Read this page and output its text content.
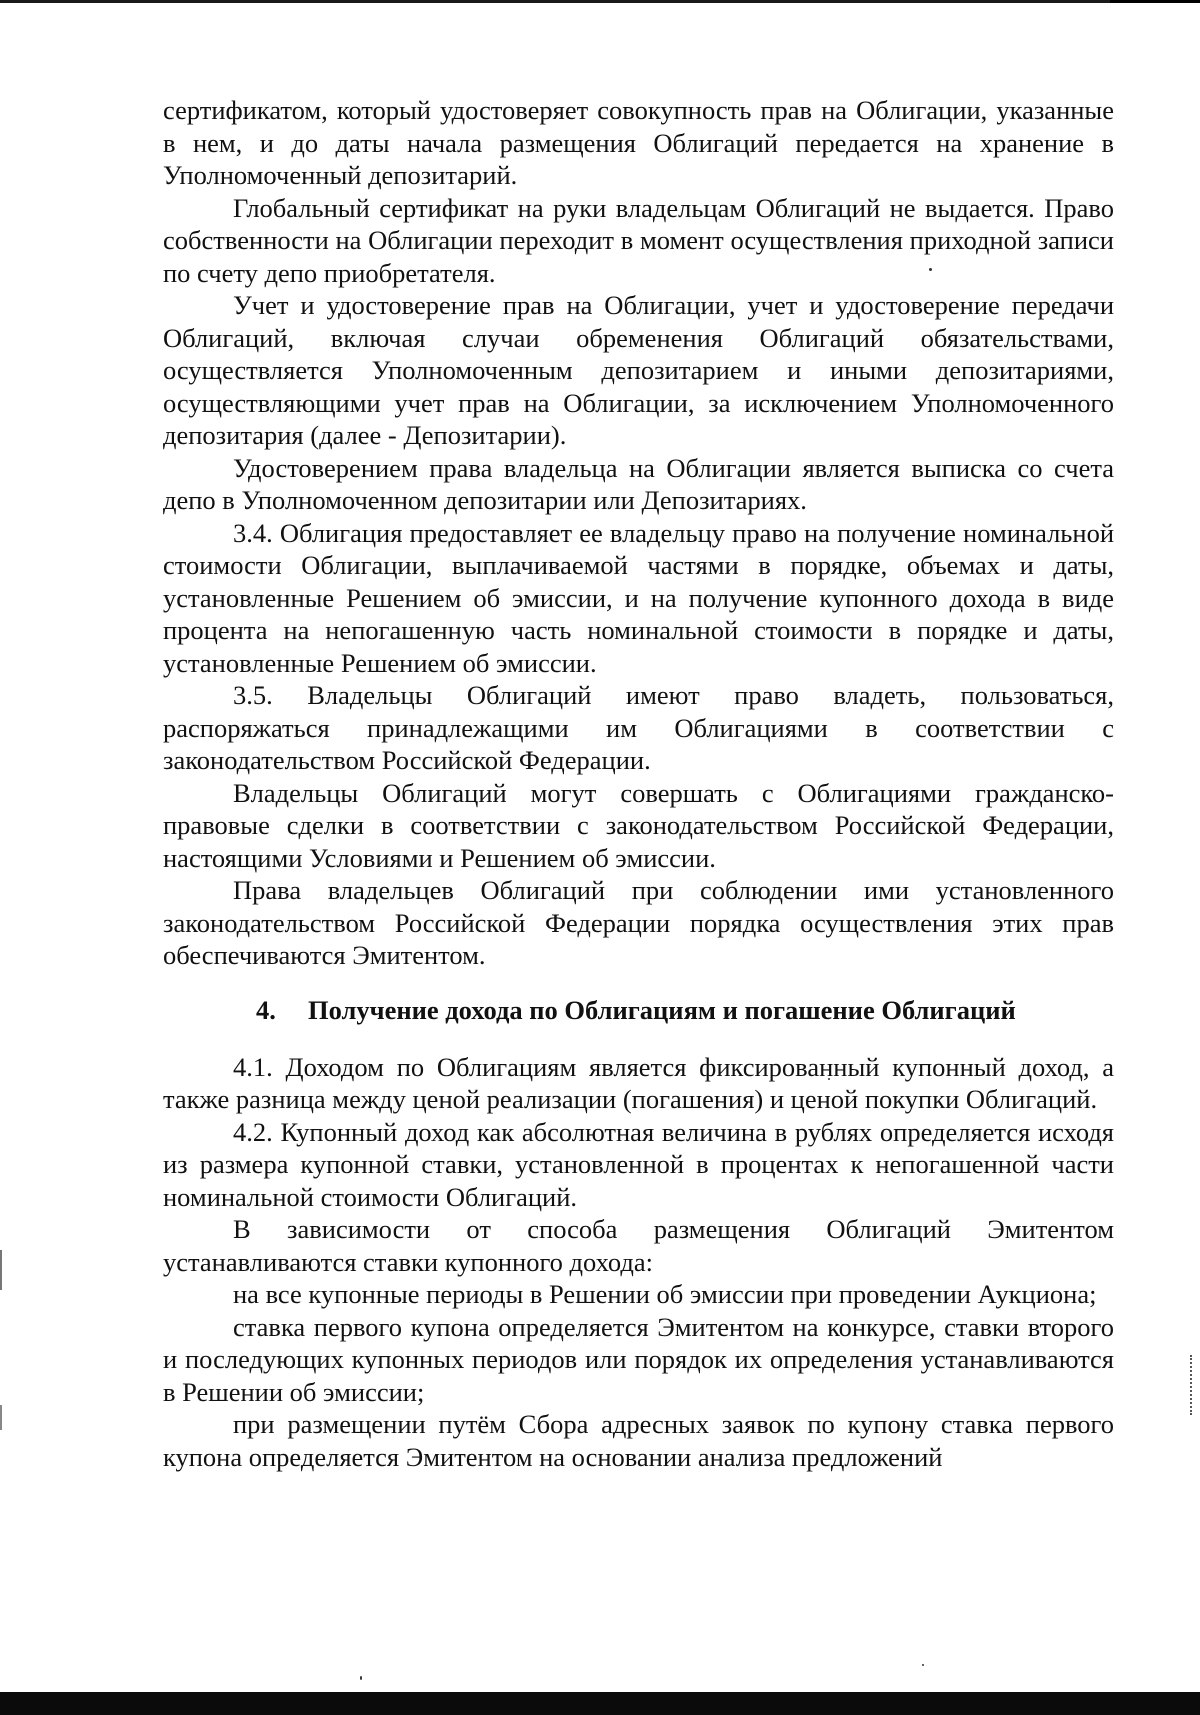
сертификатом, который удостоверяет совокупность прав на Облигации, указанные в нем, и до даты начала размещения Облигаций передается на хранение в Уполномоченный депозитарий.

Глобальный сертификат на руки владельцам Облигаций не выдается. Право собственности на Облигации переходит в момент осуществления приходной записи по счету депо приобретателя.

Учет и удостоверение прав на Облигации, учет и удостоверение передачи Облигаций, включая случаи обременения Облигаций обязательствами, осуществляется Уполномоченным депозитарием и иными депозитариями, осуществляющими учет прав на Облигации, за исключением Уполномоченного депозитария (далее - Депозитарии).

Удостоверением права владельца на Облигации является выписка со счета депо в Уполномоченном депозитарии или Депозитариях.

3.4. Облигация предоставляет ее владельцу право на получение номинальной стоимости Облигации, выплачиваемой частями в порядке, объемах и даты, установленные Решением об эмиссии, и на получение купонного дохода в виде процента на непогашенную часть номинальной стоимости в порядке и даты, установленные Решением об эмиссии.

3.5. Владельцы Облигаций имеют право владеть, пользоваться, распоряжаться принадлежащими им Облигациями в соответствии с законодательством Российской Федерации.

Владельцы Облигаций могут совершать с Облигациями гражданско-правовые сделки в соответствии с законодательством Российской Федерации, настоящими Условиями и Решением об эмиссии.

Права владельцев Облигаций при соблюдении ими установленного законодательством Российской Федерации порядка осуществления этих прав обеспечиваются Эмитентом.

4.	Получение дохода по Облигациям и погашение Облигаций

4.1. Доходом по Облигациям является фиксированный купонный доход, а также разница между ценой реализации (погашения) и ценой покупки Облигаций.

4.2. Купонный доход как абсолютная величина в рублях определяется исходя из размера купонной ставки, установленной в процентах к непогашенной части номинальной стоимости Облигаций.

В зависимости от способа размещения Облигаций Эмитентом устанавливаются ставки купонного дохода:

на все купонные периоды в Решении об эмиссии при проведении Аукциона;

ставка первого купона определяется Эмитентом на конкурсе, ставки второго и последующих купонных периодов или порядок их определения устанавливаются в Решении об эмиссии;

при размещении путём Сбора адресных заявок по купону ставка первого купона определяется Эмитентом на основании анализа предложений
